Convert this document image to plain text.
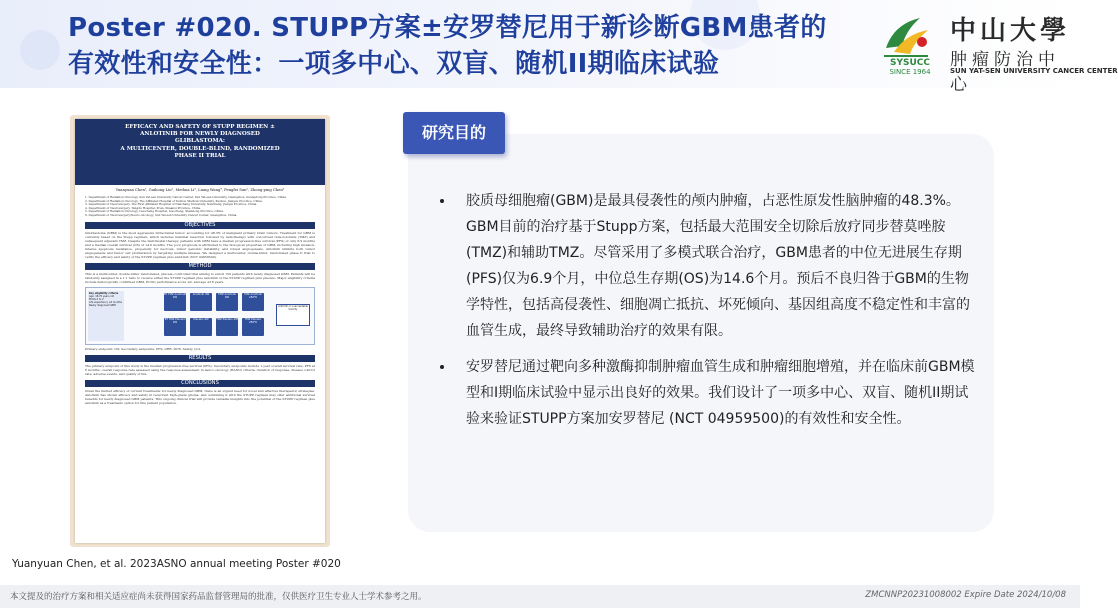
Poster #020. STUPP方案±安罗替尼用于新诊断GBM患者的
有效性和安全性：一项多中心、双盲、随机II期临床试验	SYSUCC
SINCE 1964
中山大學
肿瘤防治中心
SUN YAT-SEN UNIVERSITY CANCER CENTER
EFFICACY AND SAFETY OF STUPP REGIMEN ±
ANLOTINIB FOR NEWLY DIAGNOSED
GLIBLASTOMA:
A MULTICENTER, DOUBLE-BLIND, RANDOMIZED
PHASE II TRIAL
Yuanyuan Chen¹, Guihong Liu², Meihua Li³, Liang Wang⁴, Pengfei Sun⁵, Zhong-ping Chen⁶

1. Department of Radiation Oncology, Sun Yat-sen University Cancer Center, Sun Yat-sen University, Guangzhou, Guangdong Province, China.

2. Department of Radiation Oncology, The Affiliated Hospital of Xuzhou Medical University, Xuzhou, Jiangsu Province, China.

3. Department of Neurosurgery, The First Affiliated Hospital of Nanchang University, Nanchang, Jiangxi Province, China.

4. Department of Neurosurgery, Tangdu Hospital, Xi'an, Shaanxi Province, China.

5. Department of Radiation Oncology, Liaocheng Hospital, Liaocheng, Shandong Province, China.

6. Department of Neurosurgery/Neuro-oncology, Sun Yat-sen University Cancer Center, Guangzhou, China.

OBJECTIVES

Glioblastoma (GBM) is the most aggressive intracranial tumor, accounting for 48.3% of malignant primary brain tumors. Treatment for GBM is currently based on the Stupp regimen, which includes maximal resection followed by radiotherapy with concurrent temozolomide (TMZ) and subsequent adjuvant TMZ. Despite the multimodal therapy, patients with GBM have a median progression-free survival (PFS) of only 6.9 months and a median overall survival (OS) of 14.6 months. The poor prognosis is attributed to the biological properties of GBM, including high invasion, intense apoptosis resistance, propensity for necrosis, tumor genomic instability, and robust angiogenesis. Anlotinib inhibits both tumor angiogenesis and tumor cell proliferation by targeting multiple kinases. We designed a multicenter, double-blind, randomized phase II trial to verify the efficacy and safety of the STUPP regimen plus anlotinib (NCT 04959500).

METHOD

This is a multicenter, double-blind, randomized, placebo-controlled trial aiming to enroll 150 patients with newly diagnosed GBM. Patients will be randomly assigned in a 1:1 ratio to receive either the STUPP regimen plus anlotinib or the STUPP regimen plus placebo. Major eligibility criteria include histologically confirmed GBM, ECOG performance score ≤2, and age ≥18 years.

Key eligibility criteria
Age: 18-70 years old
ECOG 0 to 2
Life expectancy ≥3 months
Newly diagnosed GBM
RT TMZ Anlotinib 4W
Anlotinib 4W	TMZ Anlotinib 4W
TMZ Anlotinib 28d*6
RT TMZ Placebo 4W
Placebo 4W	TMZ Placebo 4W	TMZ Placebo 28d*6
Until PD or unacceptable toxicity

Primary endpoint: OS; Secondary endpoints: PFS, ORR, DCR, Safety, QoL

RESULTS

The primary endpoint of this study is the median progression-free survival (PFS). Secondary endpoints include 1-year overall survival rate, PFS at 6 months, overall response rate assessed using the response assessment in neuro-oncology (RANO) criteria, duration of response, disease control rate, adverse events, and quality of life.

CONCLUSIONS

Given the limited efficacy of current treatments for newly diagnosed GBM, there is an urgent need for novel and effective therapeutic strategies. Anlotinib has shown efficacy and safety in recurrent high-grade glioma, and combining it with the STUPP regimen may offer additional survival benefits for newly diagnosed GBM patients. This ongoing clinical trial will provide valuable insights into the potential of the STUPP regimen plus anlotinib as a treatment option for this patient population.

Yuanyuan Chen, et al. 2023ASNO annual meeting Poster #020
研究目的
胶质母细胞瘤(GBM)是最具侵袭性的颅内肿瘤，占恶性原发性脑肿瘤的48.3%。GBM目前的治疗基于Stupp方案，包括最大范围安全切除后放疗同步替莫唑胺(TMZ)和辅助TMZ。尽管采用了多模式联合治疗，GBM患者的中位无进展生存期(PFS)仅为6.9个月，中位总生存期(OS)为14.6个月。预后不良归咎于GBM的生物学特性，包括高侵袭性、细胞凋亡抵抗、坏死倾向、基因组高度不稳定性和丰富的血管生成，最终导致辅助治疗的效果有限。
安罗替尼通过靶向多种激酶抑制肿瘤血管生成和肿瘤细胞增殖，并在临床前GBM模型和I期临床试验中显示出良好的效果。我们设计了一项多中心、双盲、随机II期试验来验证STUPP方案加安罗替尼 (NCT 04959500)的有效性和安全性。
本文提及的治疗方案和相关适应症尚未获得国家药品监督管理局的批准，仅供医疗卫生专业人士学术参考之用。	ZMCNNP20231008002 Expire Date 2024/10/08
